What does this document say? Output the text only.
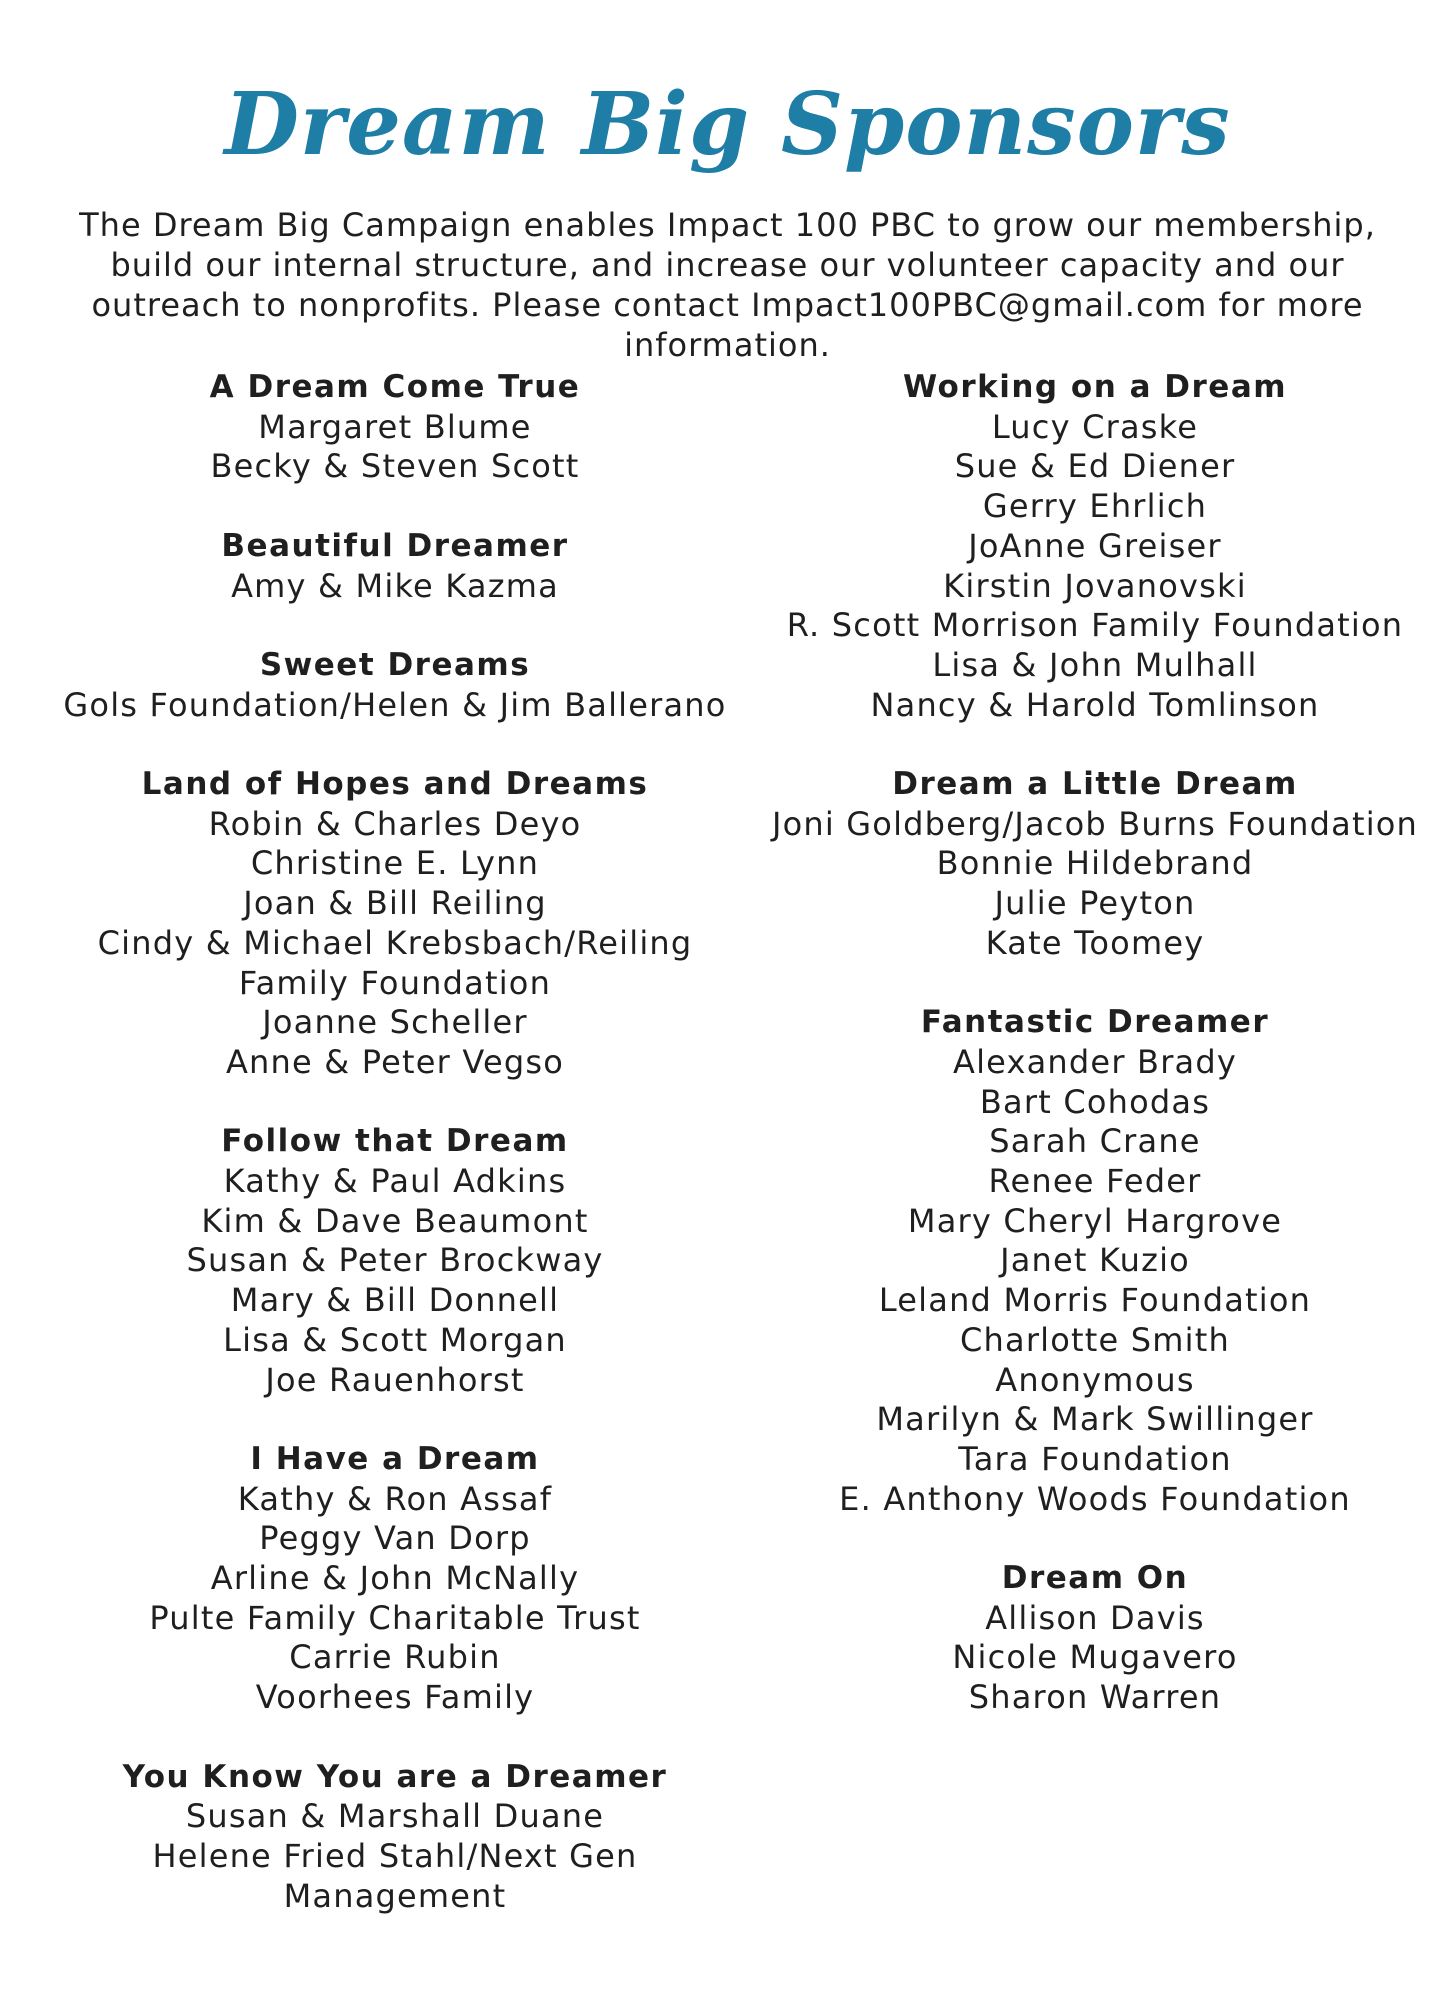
Dream Big Sponsors

The Dream Big Campaign enables Impact 100 PBC to grow our membership, build our internal structure, and increase our volunteer capacity and our outreach to nonprofits. Please contact Impact100PBC@gmail.com for more information.

A Dream Come True
Margaret Blume
Becky & Steven Scott
Beautiful Dreamer
Amy & Mike Kazma
Sweet Dreams
Gols Foundation/Helen & Jim Ballerano
Land of Hopes and Dreams
Robin & Charles Deyo
Christine E. Lynn
Joan & Bill Reiling
Cindy & Michael Krebsbach/Reiling
Family Foundation
Joanne Scheller
Anne & Peter Vegso
Follow that Dream
Kathy & Paul Adkins
Kim & Dave Beaumont
Susan & Peter Brockway
Mary & Bill Donnell
Lisa & Scott Morgan
Joe Rauenhorst
I Have a Dream
Kathy & Ron Assaf
Peggy Van Dorp
Arline & John McNally
Pulte Family Charitable Trust
Carrie Rubin
Voorhees Family
You Know You are a Dreamer
Susan & Marshall Duane
Helene Fried Stahl/Next Gen
Management
Working on a Dream
Lucy Craske
Sue & Ed Diener
Gerry Ehrlich
JoAnne Greiser
Kirstin Jovanovski
R. Scott Morrison Family Foundation
Lisa & John Mulhall
Nancy & Harold Tomlinson
Dream a Little Dream
Joni Goldberg/Jacob Burns Foundation
Bonnie Hildebrand
Julie Peyton
Kate Toomey
Fantastic Dreamer
Alexander Brady
Bart Cohodas
Sarah Crane
Renee Feder
Mary Cheryl Hargrove
Janet Kuzio
Leland Morris Foundation
Charlotte Smith
Anonymous
Marilyn & Mark Swillinger
Tara Foundation
E. Anthony Woods Foundation
Dream On
Allison Davis
Nicole Mugavero
Sharon Warren
